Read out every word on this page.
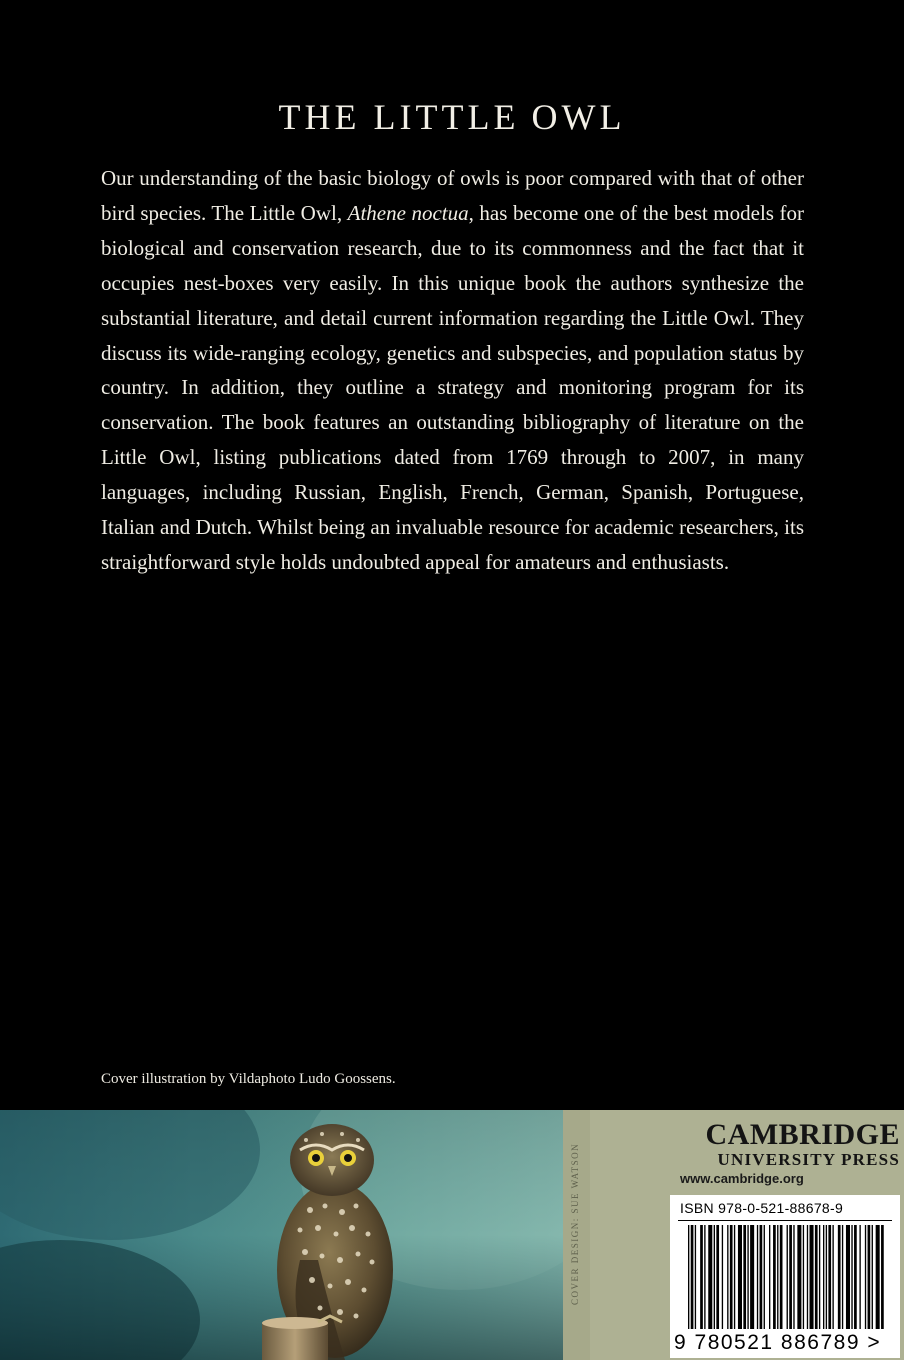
THE LITTLE OWL

Our understanding of the basic biology of owls is poor compared with that of other bird species. The Little Owl, Athene noctua, has become one of the best models for biological and conservation research, due to its commonness and the fact that it occupies nest-boxes very easily. In this unique book the authors synthesize the substantial literature, and detail current information regarding the Little Owl. They discuss its wide-ranging ecology, genetics and subspecies, and population status by country. In addition, they outline a strategy and monitoring program for its conservation. The book features an outstanding bibliography of literature on the Little Owl, listing publications dated from 1769 through to 2007, in many languages, including Russian, English, French, German, Spanish, Portuguese, Italian and Dutch. Whilst being an invaluable resource for academic researchers, its straightforward style holds undoubted appeal for amateurs and enthusiasts.

Cover illustration by Vildaphoto Ludo Goossens.

COVER DESIGN: SUE WATSON
CAMBRIDGE
UNIVERSITY PRESS
www.cambridge.org
ISBN 978-0-521-88678-9
9 780521 886789 >
